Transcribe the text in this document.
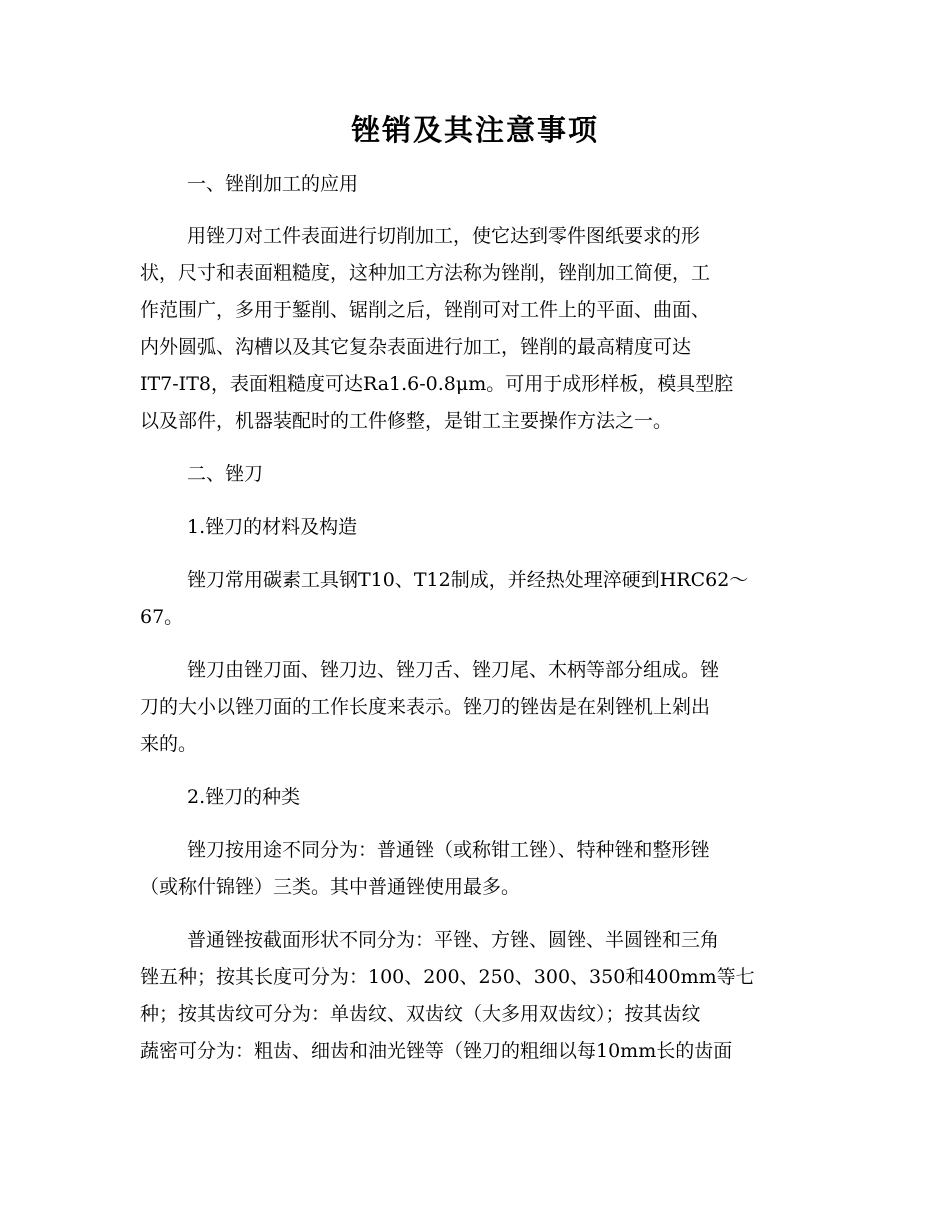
锉销及其注意事项
一、锉削加工的应用
用锉刀对工件表面进行切削加工，使它达到零件图纸要求的形
状，尺寸和表面粗糙度，这种加工方法称为锉削，锉削加工简便，工
作范围广，多用于錾削、锯削之后，锉削可对工件上的平面、曲面、
内外圆弧、沟槽以及其它复杂表面进行加工，锉削的最高精度可达
IT7-IT8，表面粗糙度可达Ra1.6-0.8μm。可用于成形样板，模具型腔
以及部件，机器装配时的工件修整，是钳工主要操作方法之一。
二、锉刀
1.锉刀的材料及构造
锉刀常用碳素工具钢T10、T12制成，并经热处理淬硬到HRC62～
67。
锉刀由锉刀面、锉刀边、锉刀舌、锉刀尾、木柄等部分组成。锉
刀的大小以锉刀面的工作长度来表示。锉刀的锉齿是在剁锉机上剁出
来的。
2.锉刀的种类
锉刀按用途不同分为：普通锉（或称钳工锉）、特种锉和整形锉
（或称什锦锉）三类。其中普通锉使用最多。
普通锉按截面形状不同分为：平锉、方锉、圆锉、半圆锉和三角
锉五种；按其长度可分为：100、200、250、300、350和400mm等七
种；按其齿纹可分为：单齿纹、双齿纹（大多用双齿纹）；按其齿纹
蔬密可分为：粗齿、细齿和油光锉等（锉刀的粗细以每10mm长的齿面
